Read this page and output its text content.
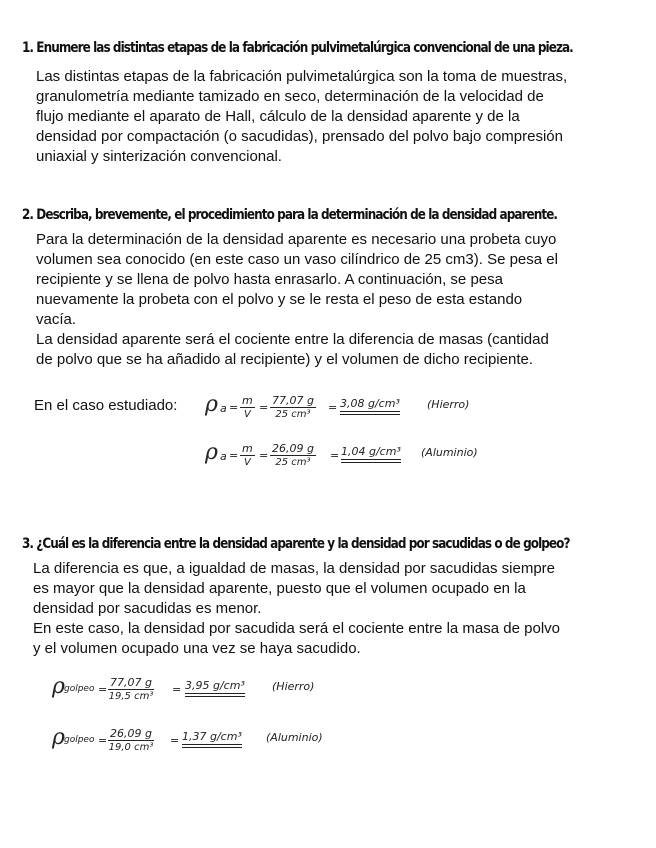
1. Enumere las distintas etapas de la fabricación pulvimetalúrgica convencional de una pieza.
Las distintas etapas de la fabricación pulvimetalúrgica son la toma de muestras,
granulometría mediante tamizado en seco, determinación de la velocidad de
flujo mediante el aparato de Hall, cálculo de la densidad aparente y de la
densidad por compactación (o sacudidas), prensado del polvo bajo compresión
uniaxial y sinterización convencional.
2. Describa, brevemente, el procedimiento para la determinación de la densidad aparente.
Para la determinación de la densidad aparente es necesario una probeta cuyo
volumen sea conocido (en este caso un vaso cilíndrico de 25 cm3). Se pesa el
recipiente y se llena de polvo hasta enrasarlo. A continuación, se pesa
nuevamente la probeta con el polvo y se le resta el peso de esta estando
vacía.
La densidad aparente será el cociente entre la diferencia de masas (cantidad
de polvo que se ha añadido al recipiente) y el volumen de dicho recipiente.
En el caso estudiado: ρ $a = \frac{m}{V} = \frac{77,07 g}{\text{25 cm³}} = 3,08$ g/cm³ (Hierro)
ρ $a = \frac{m}{V} = \frac{26,09 g}{\text{25 cm³}} = 1,04$ g/cm³ (Aluminio)
3. ¿Cuál es la diferencia entre la densidad aparente y la densidad por sacudidas o de golpeo?
La diferencia es que, a igualdad de masas, la densidad por sacudidas siempre
es mayor que la densidad aparente, puesto que el volumen ocupado en la
densidad por sacudidas es menor.
En este caso, la densidad por sacudida será el cociente entre la masa de polvo
y el volumen ocupado una vez se haya sacudido.
ρ golpeo = $\frac{77,07 g}{\text{19,5 cm³}} = 3,95$ g/cm³ (Hierro)
ρ golpeo = $\frac{26,09 g}{\text{19,0 cm³}} = 1,37$ g/cm³ (Aluminio)
